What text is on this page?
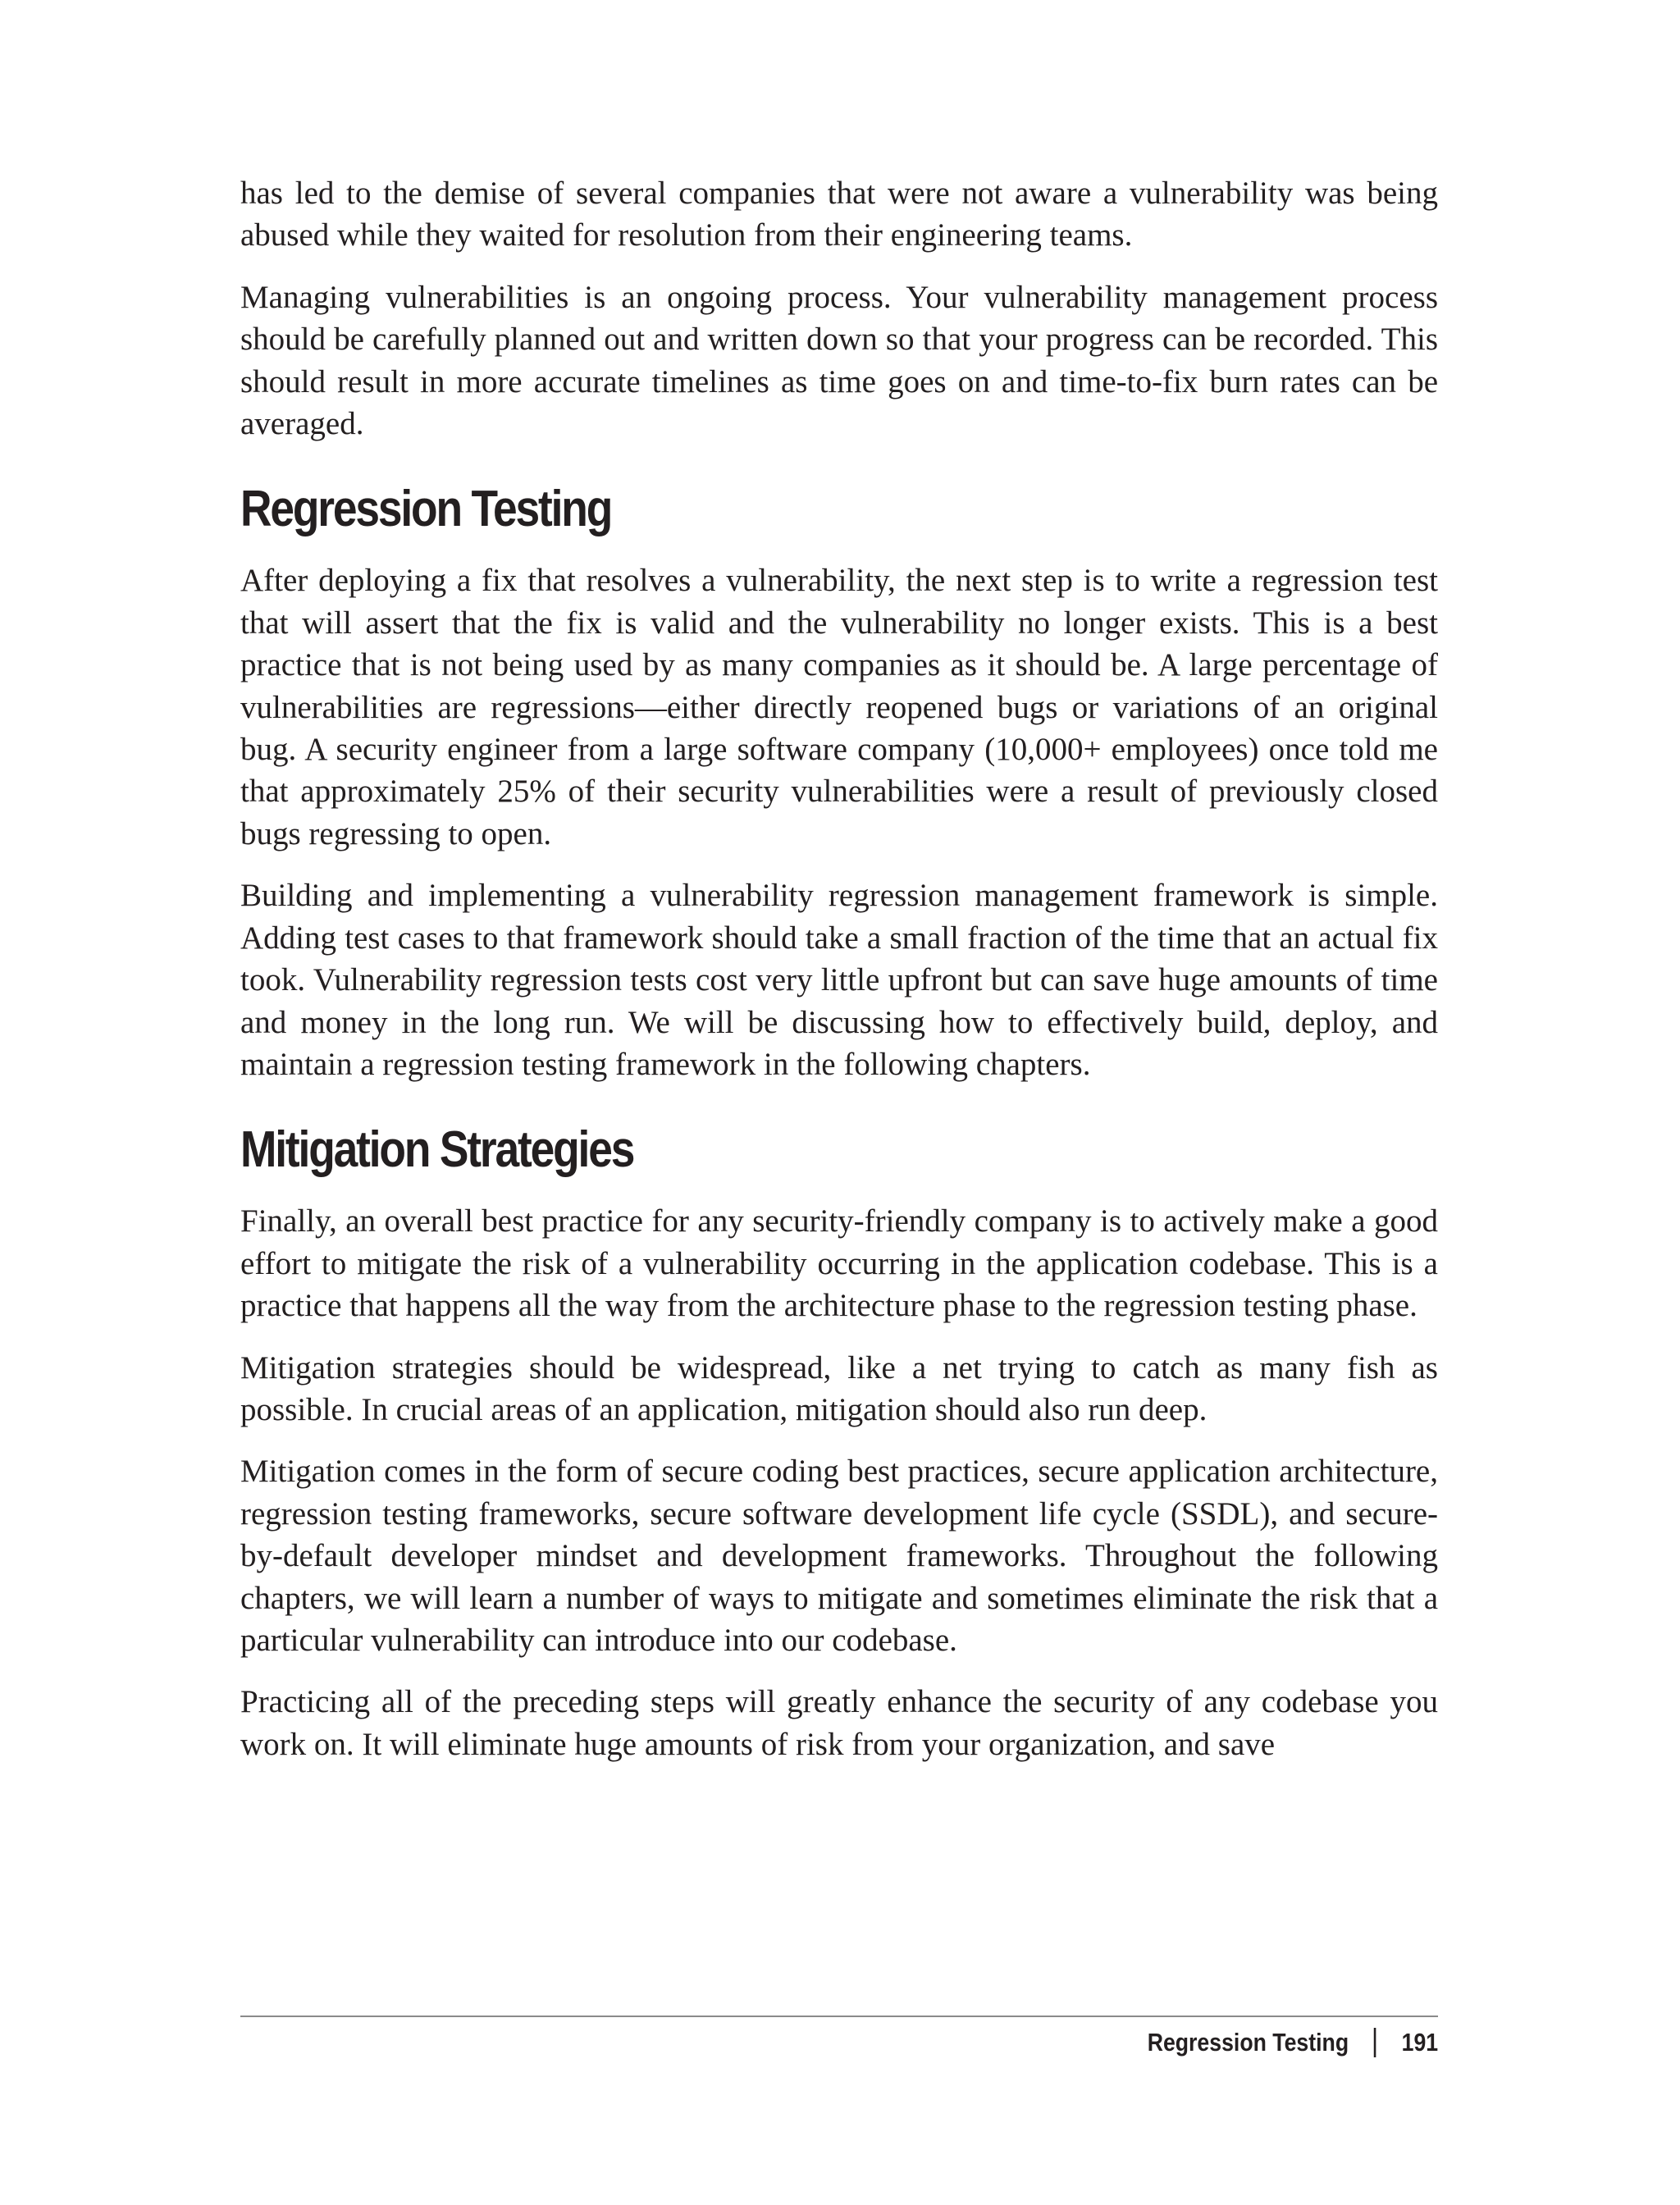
has led to the demise of several companies that were not aware a vulnerability was being abused while they waited for resolution from their engineering teams.

Managing vulnerabilities is an ongoing process. Your vulnerability management process should be carefully planned out and written down so that your progress can be recorded. This should result in more accurate timelines as time goes on and time-to-fix burn rates can be averaged.

Regression Testing

After deploying a fix that resolves a vulnerability, the next step is to write a regression test that will assert that the fix is valid and the vulnerability no longer exists. This is a best practice that is not being used by as many companies as it should be. A large percentage of vulnerabilities are regressions—either directly reopened bugs or variations of an original bug. A security engineer from a large software company (10,000+ employees) once told me that approximately 25% of their security vulnerabilities were a result of previously closed bugs regressing to open.

Building and implementing a vulnerability regression management framework is simple. Adding test cases to that framework should take a small fraction of the time that an actual fix took. Vulnerability regression tests cost very little upfront but can save huge amounts of time and money in the long run. We will be discussing how to effectively build, deploy, and maintain a regression testing framework in the following chapters.

Mitigation Strategies

Finally, an overall best practice for any security-friendly company is to actively make a good effort to mitigate the risk of a vulnerability occurring in the application codebase. This is a practice that happens all the way from the architecture phase to the regression testing phase.

Mitigation strategies should be widespread, like a net trying to catch as many fish as possible. In crucial areas of an application, mitigation should also run deep.

Mitigation comes in the form of secure coding best practices, secure application architecture, regression testing frameworks, secure software development life cycle (SSDL), and secure-by-default developer mindset and development frameworks. Throughout the following chapters, we will learn a number of ways to mitigate and sometimes eliminate the risk that a particular vulnerability can introduce into our codebase.

Practicing all of the preceding steps will greatly enhance the security of any codebase you work on. It will eliminate huge amounts of risk from your organization, and save

Regression Testing 191
